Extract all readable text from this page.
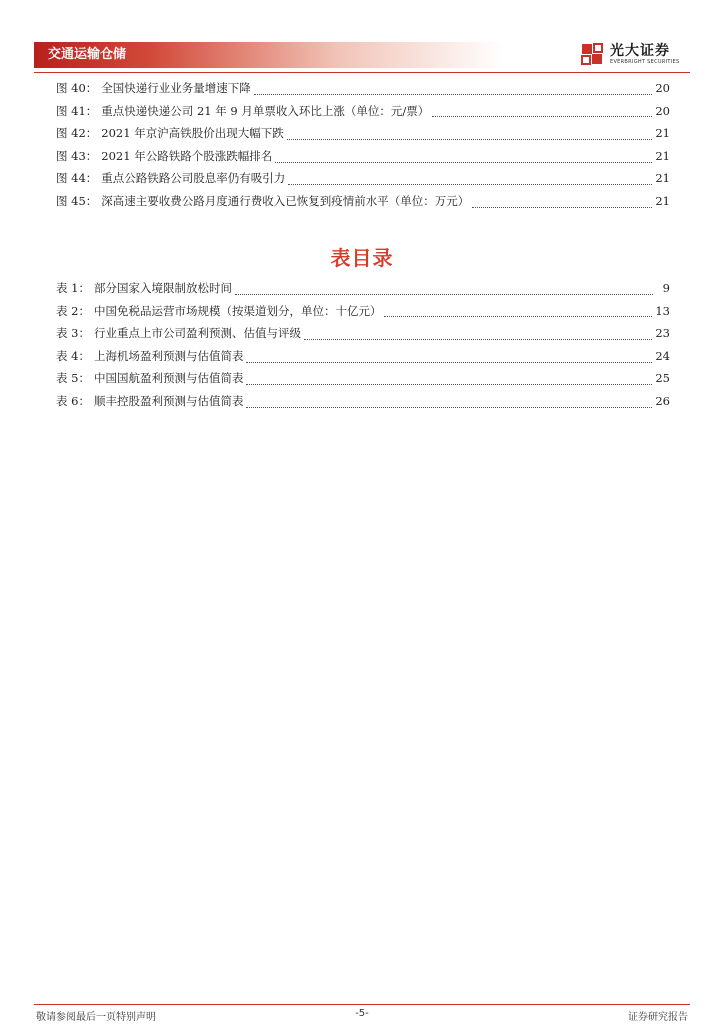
交通运输仓储	光大证券
EVERBRIGHT SECURITIES
图 40 ： 全国快递行业业务量增速下降	20
图 41 ： 重点快递快递公司 21 年 9 月单票收入环比上涨（单位：元/票）	20
图 42 ： 2021 年京沪高铁股价出现大幅下跌	21
图 43 ： 2021 年公路铁路个股涨跌幅排名	21
图 44 ： 重点公路铁路公司股息率仍有吸引力	21
图 45 ： 深高速主要收费公路月度通行费收入已恢复到疫情前水平（单位：万元）	21
表目录
表 1 ： 部分国家入境限制放松时间	9
表 2 ： 中国免税品运营市场规模（按渠道划分，单位：十亿元）	13
表 3 ： 行业重点上市公司盈利预测、估值与评级	23
表 4 ： 上海机场盈利预测与估值简表	24
表 5 ： 中国国航盈利预测与估值简表	25
表 6 ： 顺丰控股盈利预测与估值简表	26
敬请参阅最后一页特别声明	-5-	证券研究报告
